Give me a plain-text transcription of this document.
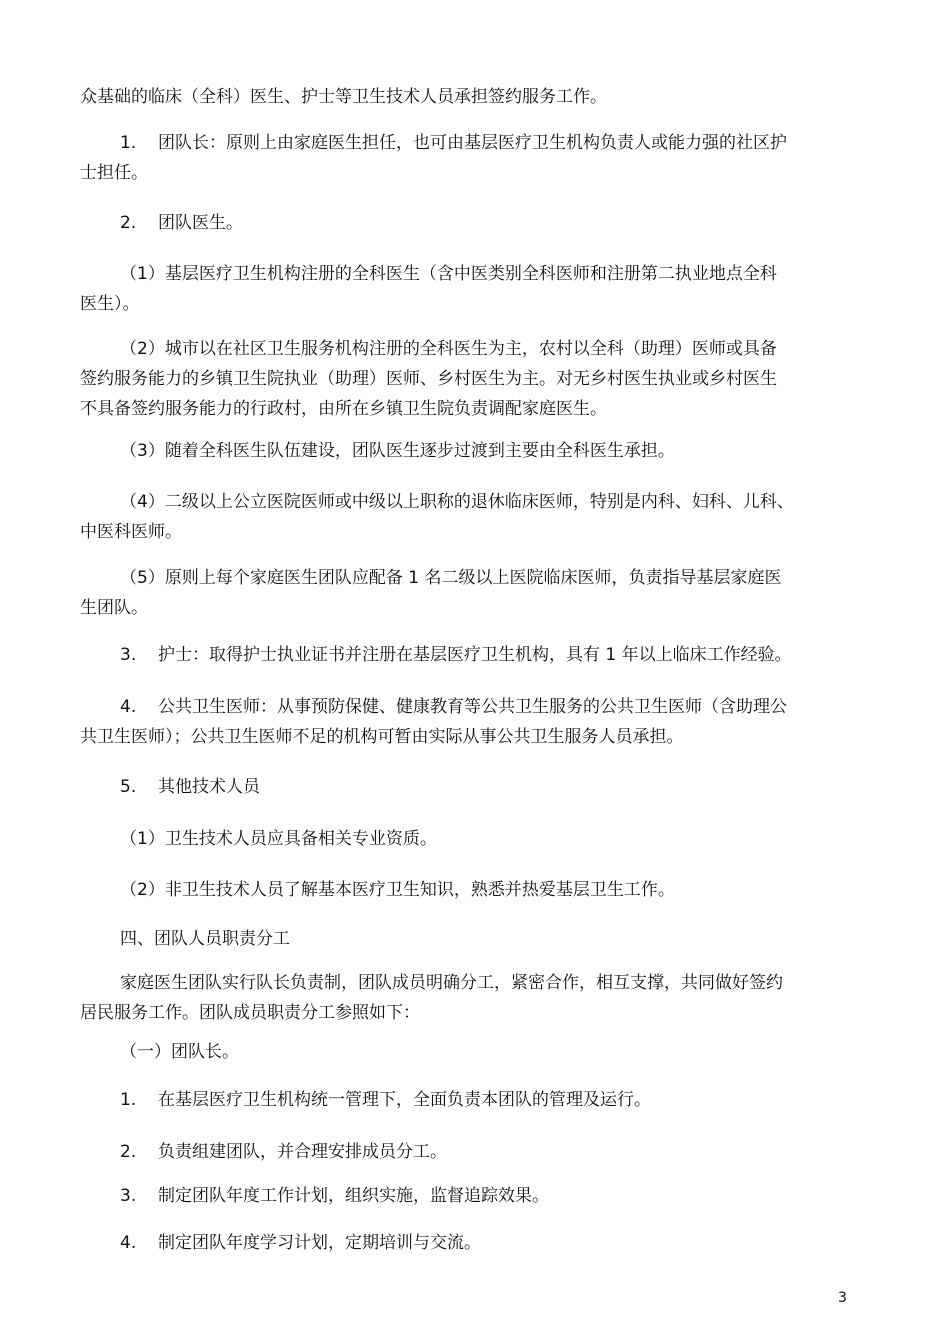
众基础的临床（全科）医生、护士等卫生技术人员承担签约服务工作。

1. 团队长：原则上由家庭医生担任，也可由基层医疗卫生机构负责人或能力强的社区护
士担任。

2. 团队医生。

（1）基层医疗卫生机构注册的全科医生（含中医类别全科医师和注册第二执业地点全科
医生）。

（2）城市以在社区卫生服务机构注册的全科医生为主，农村以全科（助理）医师或具备
签约服务能力的乡镇卫生院执业（助理）医师、乡村医生为主。对无乡村医生执业或乡村医生
不具备签约服务能力的行政村，由所在乡镇卫生院负责调配家庭医生。

（3）随着全科医生队伍建设，团队医生逐步过渡到主要由全科医生承担。

（4）二级以上公立医院医师或中级以上职称的退休临床医师，特别是内科、妇科、儿科、
中医科医师。

（5）原则上每个家庭医生团队应配备 1 名二级以上医院临床医师，负责指导基层家庭医
生团队。

3. 护士：取得护士执业证书并注册在基层医疗卫生机构，具有 1 年以上临床工作经验。

4. 公共卫生医师：从事预防保健、健康教育等公共卫生服务的公共卫生医师（含助理公
共卫生医师）；公共卫生医师不足的机构可暂由实际从事公共卫生服务人员承担。

5. 其他技术人员

（1）卫生技术人员应具备相关专业资质。

（2）非卫生技术人员了解基本医疗卫生知识，熟悉并热爱基层卫生工作。

四、团队人员职责分工

家庭医生团队实行队长负责制，团队成员明确分工，紧密合作，相互支撑，共同做好签约
居民服务工作。团队成员职责分工参照如下：

（一）团队长。

1. 在基层医疗卫生机构统一管理下，全面负责本团队的管理及运行。

2. 负责组建团队，并合理安排成员分工。

3. 制定团队年度工作计划，组织实施，监督追踪效果。

4. 制定团队年度学习计划，定期培训与交流。

3
